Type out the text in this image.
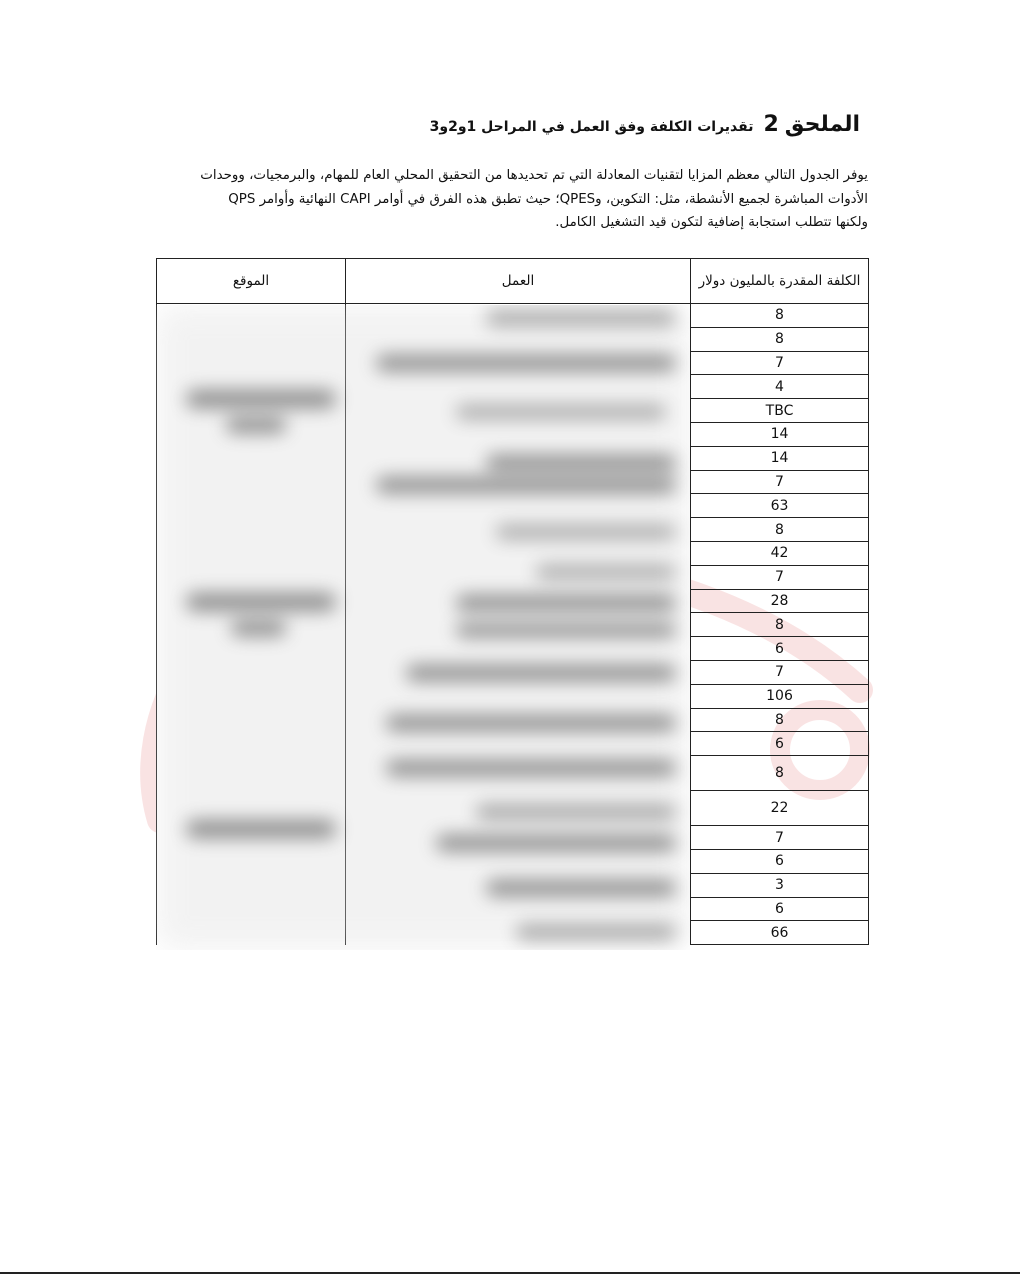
الملحق2تقديرات الكلفة وفق العمل في المراحل 1و2و3

يوفر الجدول التالي معظم المزايا لتقنيات المعادلة التي تم تحديدها من التحقيق المحلي العام للمهام، والبرمجيات، ووحدات

الأدوات المباشرة لجميع الأنشطة، مثل: التكوين، وQPES؛ حيث تطبق هذه الفرق في أوامر CAPI النهائية وأوامر QPS

ولكنها تتطلب استجابة إضافية لتكون قيد التشغيل الكامل.

الموقع	العمل	الكلفة المقدرة بالمليون دولار
		8
		8
		7
		4
		TBC
		14
		14
		7
		63
		8
		42
		7
		28
		8
		6
		7
		106
		8
		6
		8
		22
		7
		6
		3
		6
		66
